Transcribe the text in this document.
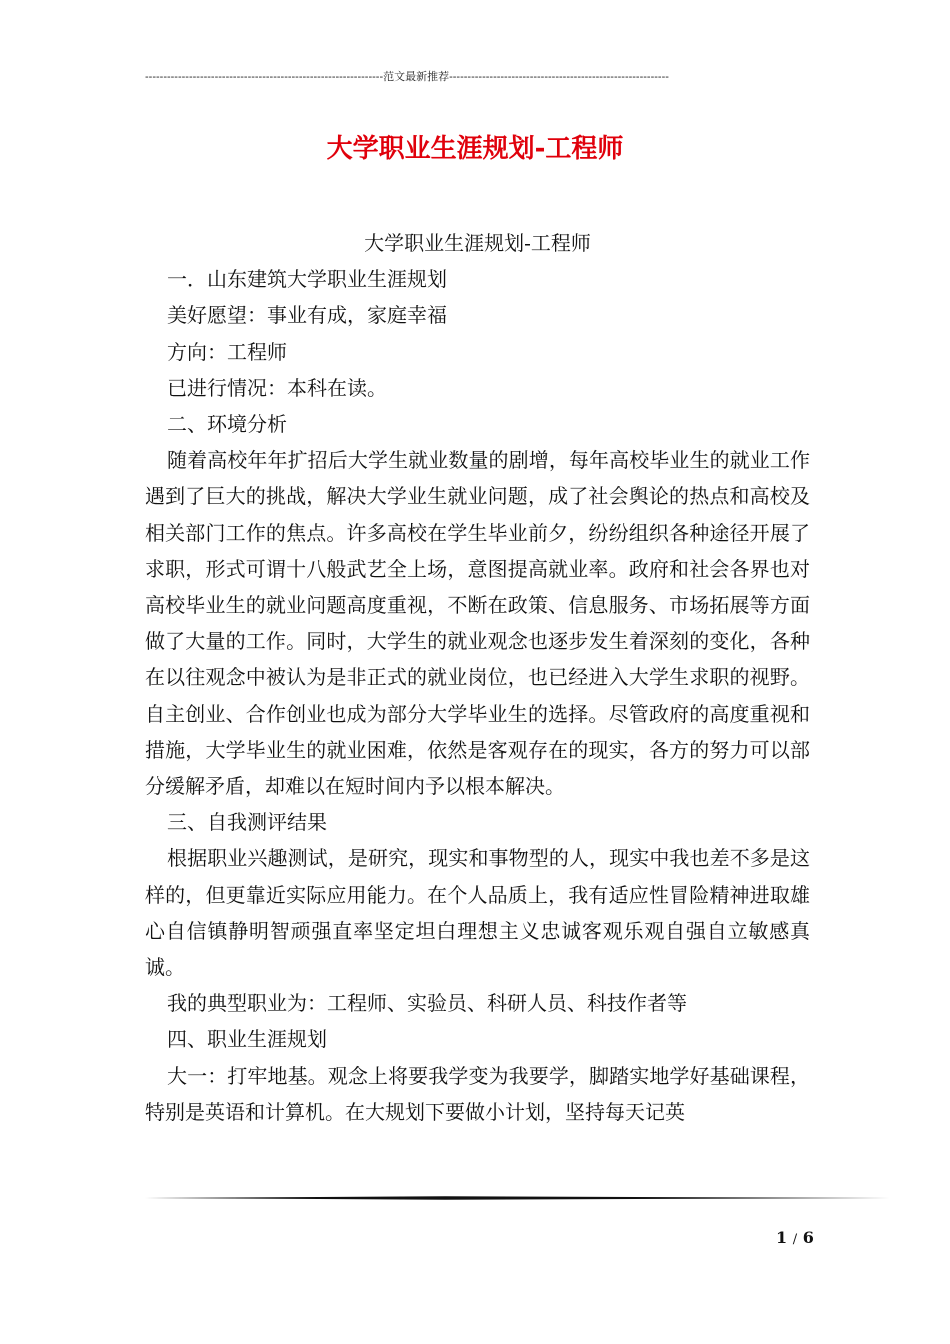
-----------------------------------------------------------------范文最新推荐------------------------------------------------------------
大学职业生涯规划-工程师

大学职业生涯规划-工程师

一．山东建筑大学职业生涯规划

美好愿望：事业有成，家庭幸福

方向：工程师

已进行情况：本科在读。

二、环境分析

随着高校年年扩招后大学生就业数量的剧增，每年高校毕业生的就业工作遇到了巨大的挑战，解决大学业生就业问题，成了社会舆论的热点和高校及相关部门工作的焦点。许多高校在学生毕业前夕，纷纷组织各种途径开展了求职，形式可谓十八般武艺全上场，意图提高就业率。政府和社会各界也对高校毕业生的就业问题高度重视，不断在政策、信息服务、市场拓展等方面做了大量的工作。同时，大学生的就业观念也逐步发生着深刻的变化，各种在以往观念中被认为是非正式的就业岗位，也已经进入大学生求职的视野。自主创业、合作创业也成为部分大学毕业生的选择。尽管政府的高度重视和措施，大学毕业生的就业困难，依然是客观存在的现实，各方的努力可以部分缓解矛盾，却难以在短时间内予以根本解决。

三、自我测评结果

根据职业兴趣测试，是研究，现实和事物型的人，现实中我也差不多是这样的，但更靠近实际应用能力。在个人品质上，我有适应性冒险精神进取雄心自信镇静明智顽强直率坚定坦白理想主义忠诚客观乐观自强自立敏感真诚。

我的典型职业为：工程师、实验员、科研人员、科技作者等

四、职业生涯规划

大一：打牢地基。观念上将要我学变为我要学，脚踏实地学好基础课程，特别是英语和计算机。在大规划下要做小计划，坚持每天记英

1 / 6
